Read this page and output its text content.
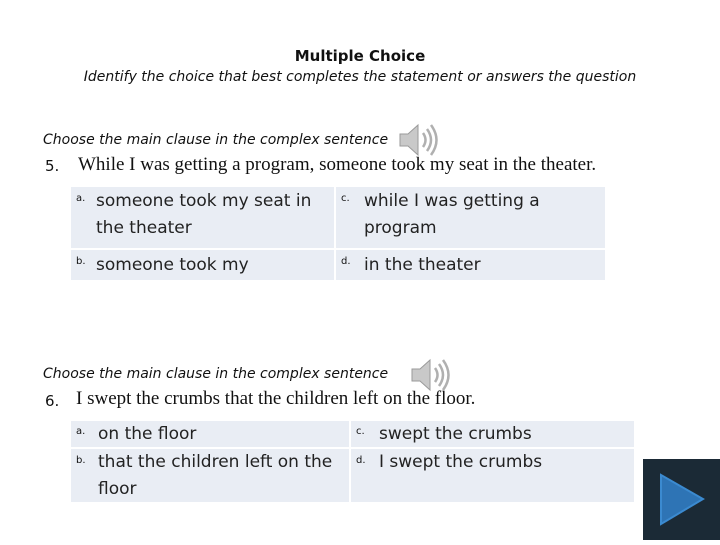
Multiple Choice
Identify the choice that best completes the statement or answers the question
Choose the main clause in the complex sentence
5. While I was getting a program, someone took my seat in the theater.
a. someone took my seat in the theater
c. while I was getting a program
b. someone took my	d. in the theater
Choose the main clause in the complex sentence
6. I swept the crumbs that the children left on the floor.
a. on the floor
b. that the children left on the floor
c. swept the crumbs
d. I swept the crumbs
